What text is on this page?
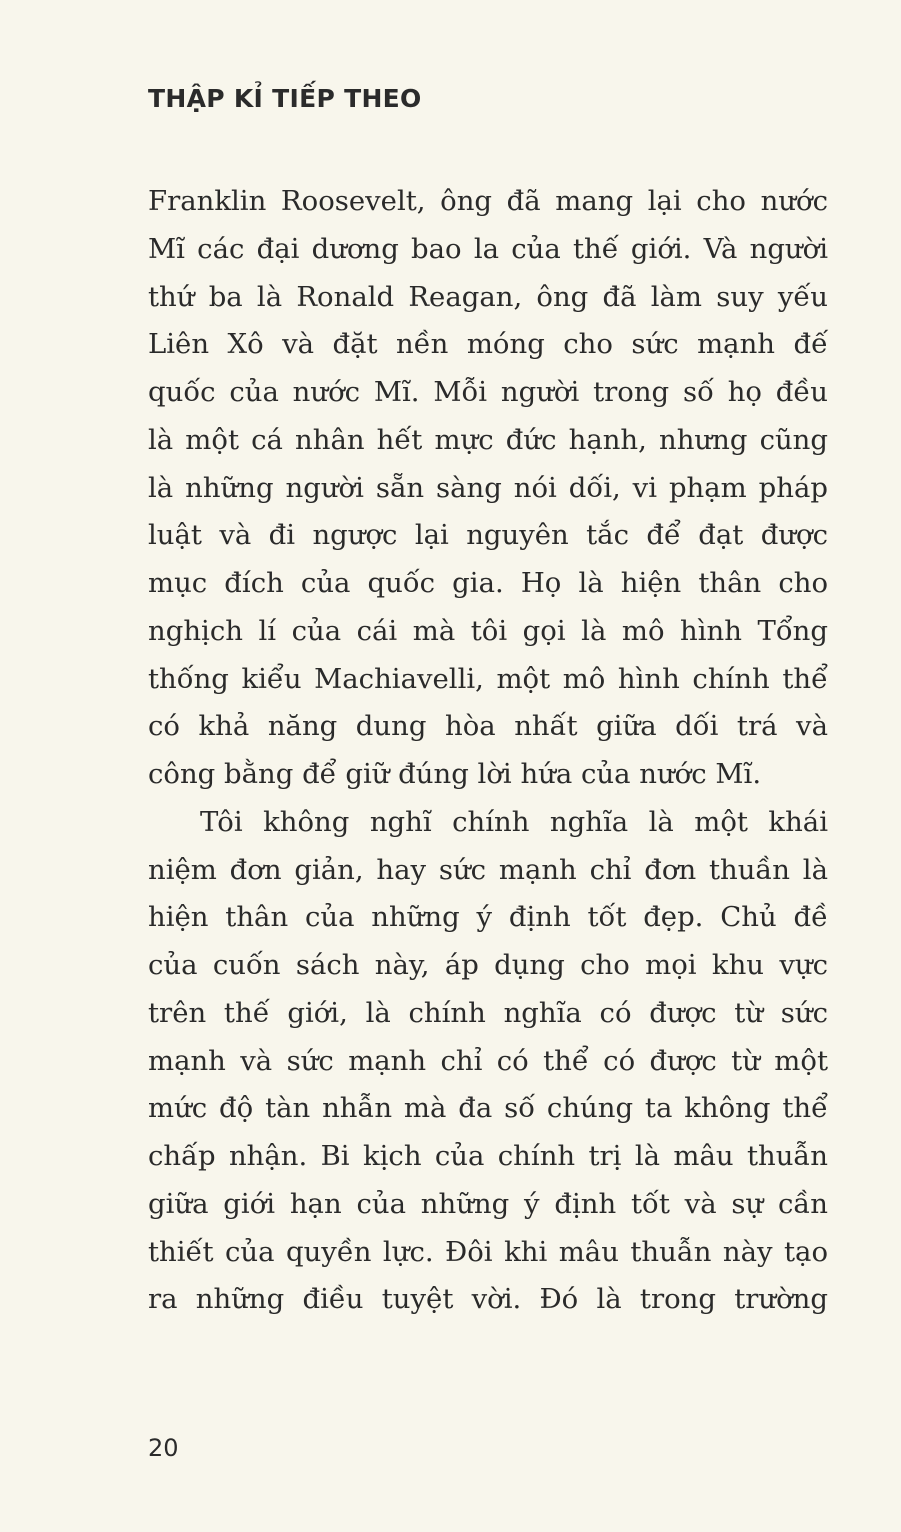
THẬP KỈ TIẾP THEO
Franklin Roosevelt, ông đã mang lại cho nước
Mĩ các đại dương bao la của thế giới. Và người
thứ ba là Ronald Reagan, ông đã làm suy yếu
Liên Xô và đặt nền móng cho sức mạnh đế
quốc của nước Mĩ. Mỗi người trong số họ đều
là một cá nhân hết mực đức hạnh, nhưng cũng
là những người sẵn sàng nói dối, vi phạm pháp
luật và đi ngược lại nguyên tắc để đạt được
mục đích của quốc gia. Họ là hiện thân cho
nghịch lí của cái mà tôi gọi là mô hình Tổng
thống kiểu Machiavelli, một mô hình chính thể
có khả năng dung hòa nhất giữa dối trá và
công bằng để giữ đúng lời hứa của nước Mĩ.
Tôi không nghĩ chính nghĩa là một khái
niệm đơn giản, hay sức mạnh chỉ đơn thuần là
hiện thân của những ý định tốt đẹp. Chủ đề
của cuốn sách này, áp dụng cho mọi khu vực
trên thế giới, là chính nghĩa có được từ sức
mạnh và sức mạnh chỉ có thể có được từ một
mức độ tàn nhẫn mà đa số chúng ta không thể
chấp nhận. Bi kịch của chính trị là mâu thuẫn
giữa giới hạn của những ý định tốt và sự cần
thiết của quyền lực. Đôi khi mâu thuẫn này tạo
ra những điều tuyệt vời. Đó là trong trường

20
